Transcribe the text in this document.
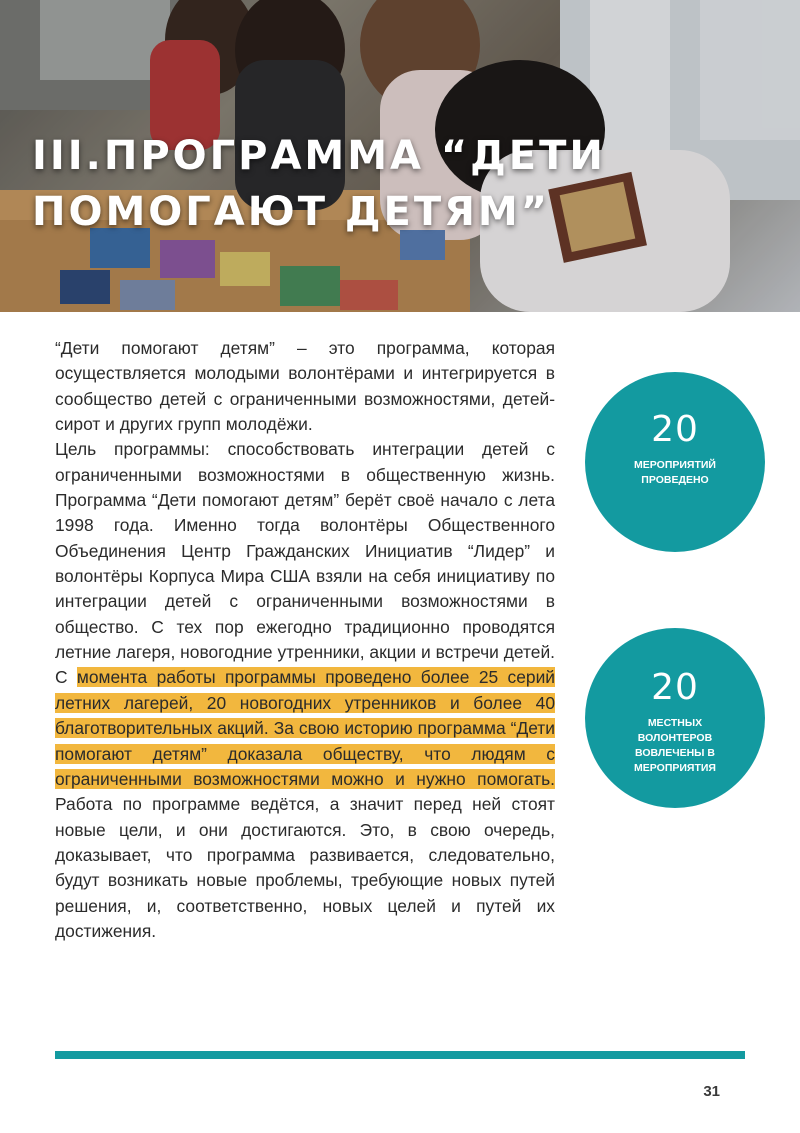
III.ПРОГРАММА “ДЕТИ
ПОМОГАЮТ ДЕТЯМ”

“Дети помогают детям” – это программа, которая осуществляется молодыми волонтёрами и интегрируется в сообщество детей с ограниченными возможностями, детей-сирот и других групп молодёжи.

Цель программы: способствовать интеграции детей с ограниченными возможностями в общественную жизнь. Программа “Дети помогают детям” берёт своё начало с лета 1998 года. Именно тогда волонтёры Общественного Объединения Центр Гражданских Инициатив “Лидер” и волонтёры Корпуса Мира США взяли на себя инициативу по интеграции детей с ограниченными возможностями в общество. С тех пор ежегодно традиционно проводятся летние лагеря, новогодние утренники, акции и встречи детей. С момента работы программы проведено более 25 серий летних лагерей, 20 новогодних утренников и более 40 благотворительных акций. За свою историю программа “Дети помогают детям” доказала обществу, что людям с ограниченными возможностями можно и нужно помогать. Работа по программе ведётся, а значит перед ней стоят новые цели, и они достигаются. Это, в свою очередь, доказывает, что программа развивается, следовательно, будут возникать новые проблемы, требующие новых путей решения, и, соответственно, новых целей и путей их достижения.

20
МЕРОПРИЯТИЙ ПРОВЕДЕНО
20
МЕСТНЫХ ВОЛОНТЕРОВ ВОВЛЕЧЕНЫ В МЕРОПРИЯТИЯ
31
